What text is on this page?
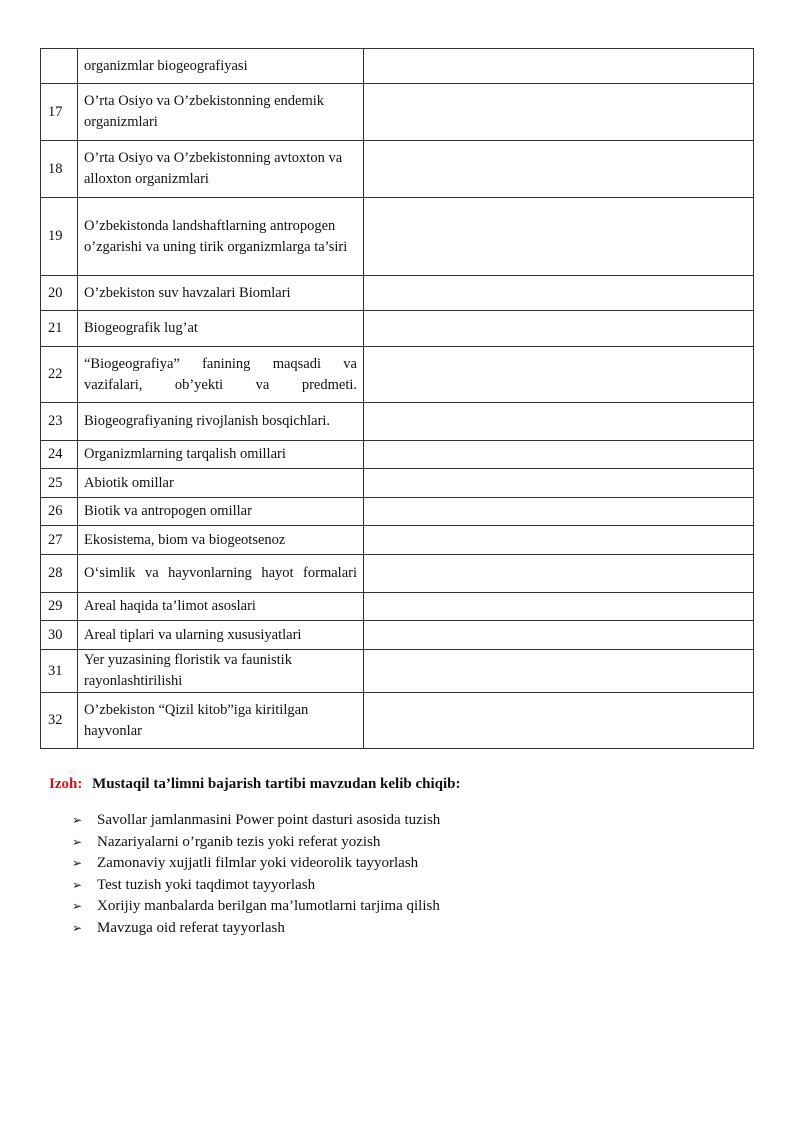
	organizmlar biogeografiyasi	
17	O’rta Osiyo va O’zbekistonning endemik organizmlari	
18	O’rta Osiyo va O’zbekistonning avtoxton va alloxton organizmlari	
19	O’zbekistonda landshaftlarning antropogen o’zgarishi va uning tirik organizmlarga ta’siri	
20	O’zbekiston suv havzalari Biomlari	
21	Biogeografik lug’at	
22	“Biogeografiya” fanining maqsadi va vazifalari, ob’yekti va predmeti.	
23	Biogeografiyaning rivojlanish bosqichlari.	
24	Organizmlarning tarqalish omillari	
25	Abiotik omillar	
26	Biotik va antropogen omillar	
27	Ekosistema, biom va biogeotsenoz	
28	O‘simlik va hayvonlarning hayot formalari	
29	Areal haqida ta’limot asoslari	
30	Areal tiplari va ularning xususiyatlari	
31	Yer yuzasining floristik va faunistik rayonlashtirilishi	
32	O’zbekiston “Qizil kitob”iga kiritilgan hayvonlar	
Izoh: Mustaqil ta’limni bajarish tartibi mavzudan kelib chiqib:
➢ Savollar jamlanmasini Power point dasturi asosida tuzish
➢ Nazariyalarni o’rganib tezis yoki referat yozish
➢ Zamonaviy xujjatli filmlar yoki videorolik tayyorlash
➢ Test tuzish yoki taqdimot tayyorlash
➢ Xorijiy manbalarda berilgan ma’lumotlarni tarjima qilish
➢ Mavzuga oid referat tayyorlash
